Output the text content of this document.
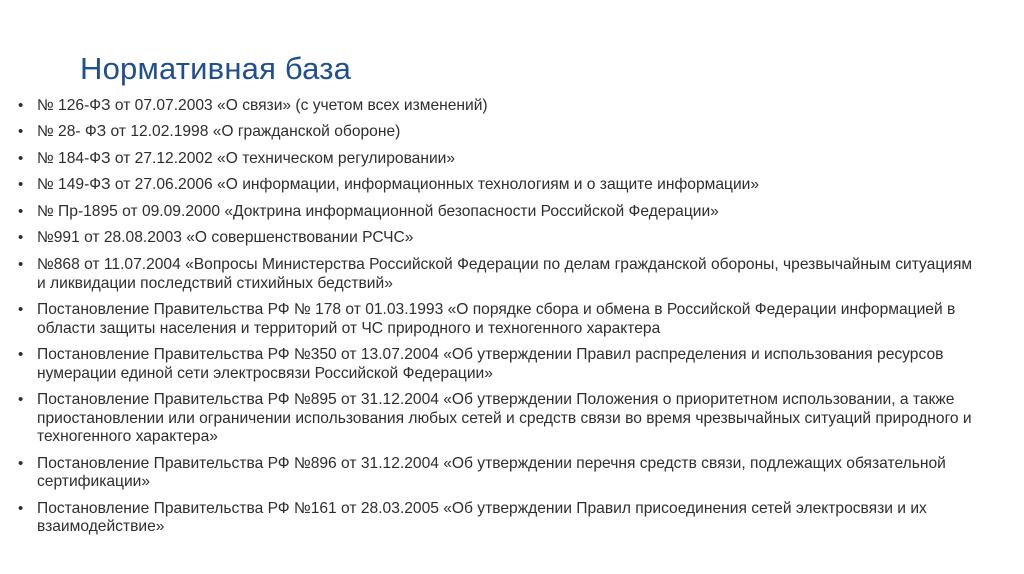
Нормативная база
• № 126-ФЗ от 07.07.2003 «О связи» (с учетом всех изменений)
• № 28- ФЗ от 12.02.1998 «О гражданской обороне)
• № 184-ФЗ от 27.12.2002 «О техническом регулировании»
• № 149-ФЗ от 27.06.2006 «О информации, информационных технологиям и о защите информации»
• № Пр-1895 от 09.09.2000 «Доктрина информационной безопасности Российской Федерации»
• №991 от 28.08.2003 «О совершенствовании РСЧС»
• №868 от 11.07.2004 «Вопросы Министерства Российской Федерации по делам гражданской обороны, чрезвычайным ситуациям и ликвидации последствий стихийных бедствий»
• Постановление Правительства РФ № 178 от 01.03.1993 «О порядке сбора и обмена в Российской Федерации информацией в области защиты населения и территорий от ЧС природного и техногенного характера
• Постановление Правительства РФ №350 от 13.07.2004 «Об утверждении Правил распределения и использования ресурсов нумерации единой сети электросвязи Российской Федерации»
• Постановление Правительства РФ №895 от 31.12.2004 «Об утверждении Положения о приоритетном использовании, а также приостановлении или ограничении использования любых сетей и средств связи во время чрезвычайных ситуаций природного и техногенного характера»
• Постановление Правительства РФ №896 от 31.12.2004 «Об утверждении перечня средств связи, подлежащих обязательной сертификации»
• Постановление Правительства РФ №161 от 28.03.2005 «Об утверждении Правил присоединения сетей электросвязи и их взаимодействие»
